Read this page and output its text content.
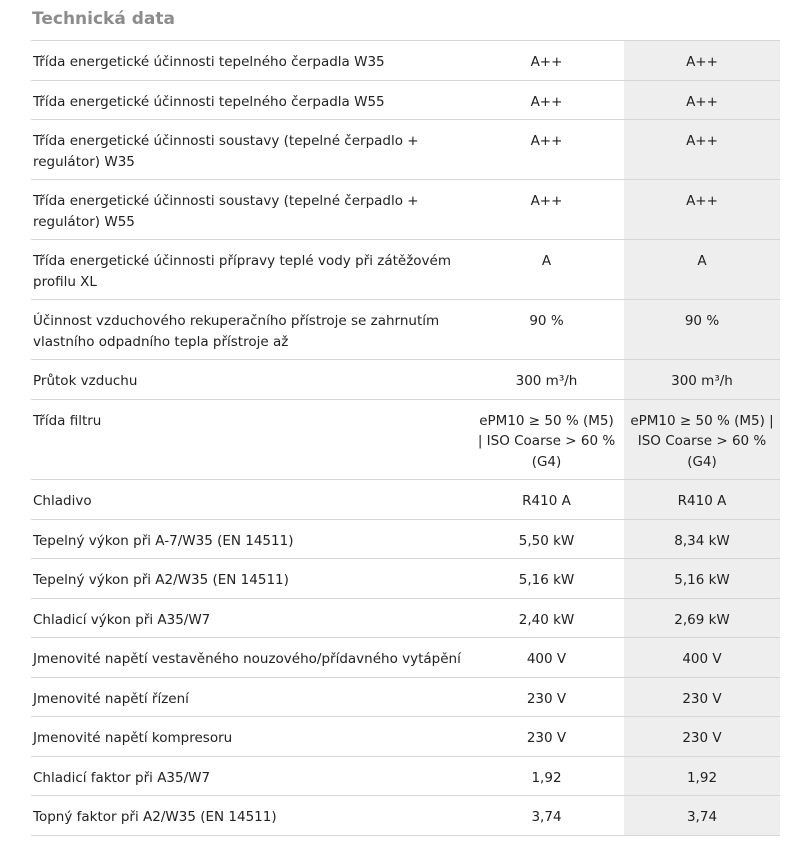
Technická data
Třída energetické účinnosti tepelného čerpadla W35	A++	A++
Třída energetické účinnosti tepelného čerpadla W55	A++	A++
Třída energetické účinnosti soustavy (tepelné čerpadlo + regulátor) W35	A++	A++
Třída energetické účinnosti soustavy (tepelné čerpadlo + regulátor) W55	A++	A++
Třída energetické účinnosti přípravy teplé vody při zátěžovém profilu XL	A	A
Účinnost vzduchového rekuperačního přístroje se zahrnutím vlastního odpadního tepla přístroje až	90 %	90 %
Průtok vzduchu	300 m³/h	300 m³/h
Třída filtru	ePM10 ≥ 50 % (M5) | ISO Coarse > 60 % (G4)	ePM10 ≥ 50 % (M5) | ISO Coarse > 60 % (G4)
Chladivo	R410 A	R410 A
Tepelný výkon při A-7/W35 (EN 14511)	5,50 kW	8,34 kW
Tepelný výkon při A2/W35 (EN 14511)	5,16 kW	5,16 kW
Chladicí výkon při A35/W7	2,40 kW	2,69 kW
Jmenovité napětí vestavěného nouzového/přídavného vytápění	400 V	400 V
Jmenovité napětí řízení	230 V	230 V
Jmenovité napětí kompresoru	230 V	230 V
Chladicí faktor při A35/W7	1,92	1,92
Topný faktor při A2/W35 (EN 14511)	3,74	3,74
